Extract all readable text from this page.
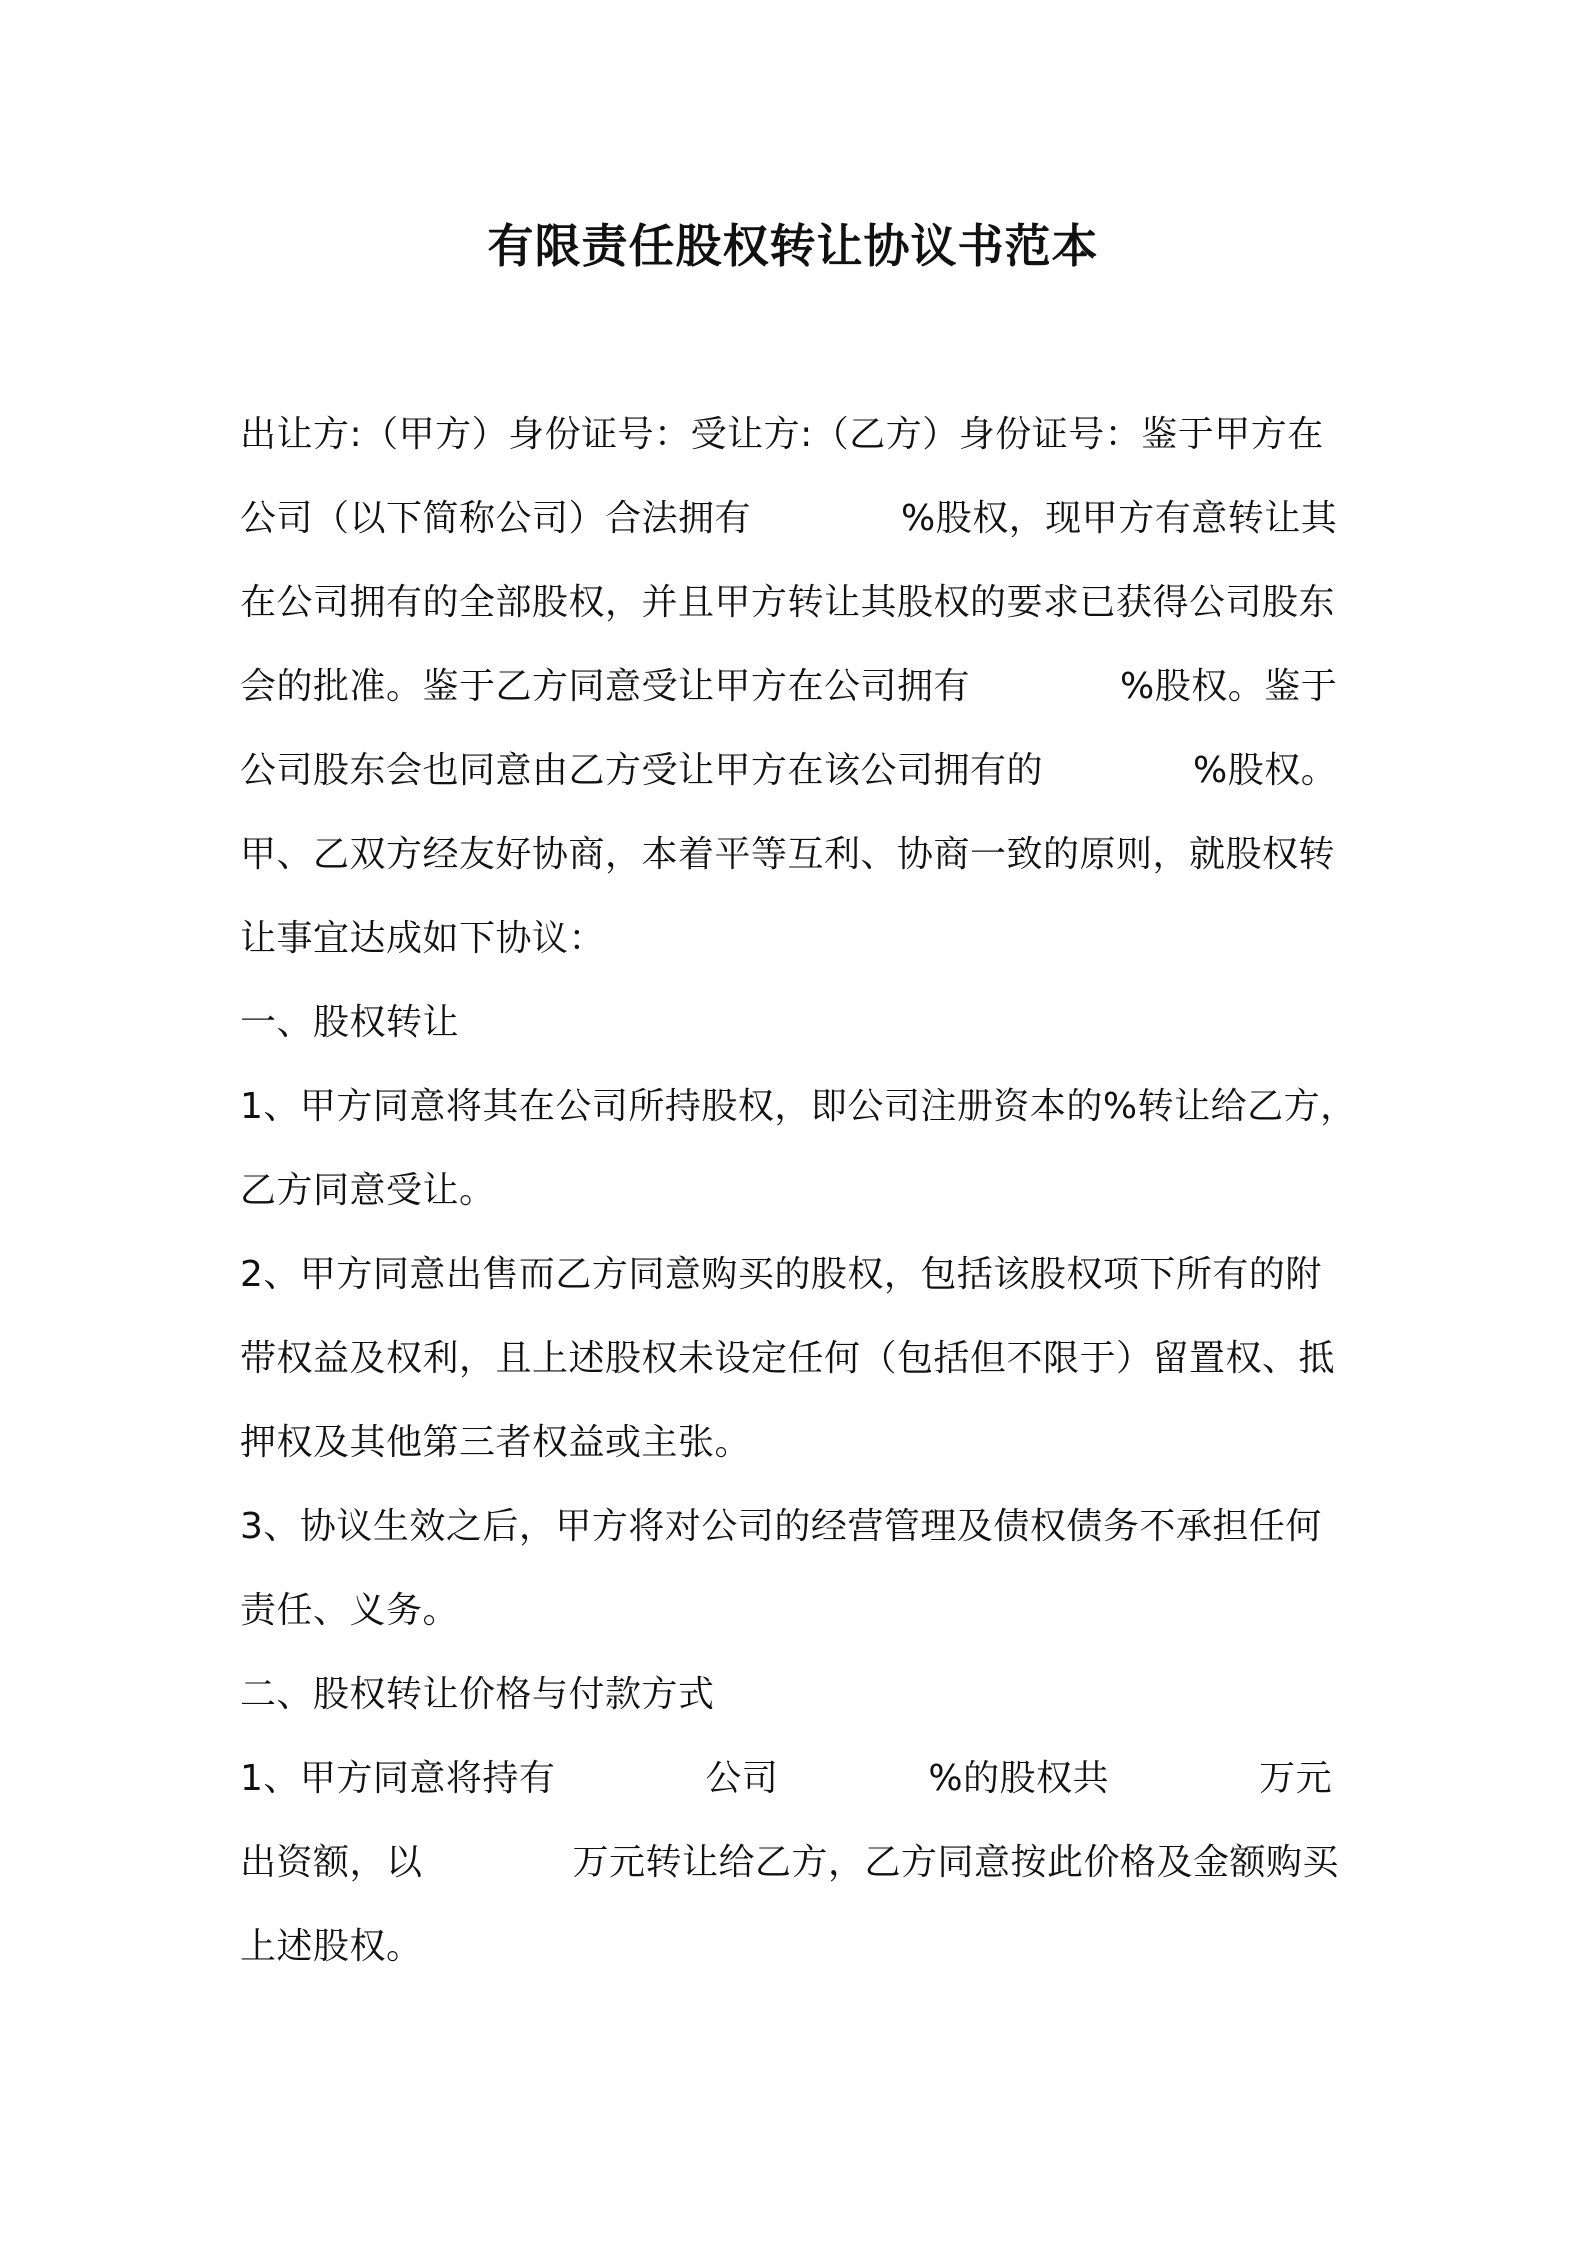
有限责任股权转让协议书范本
出让方:（甲方）身份证号：受让方:（乙方）身份证号：鉴于甲方在
公司（以下简称公司）合法拥有	%股权，现甲方有意转让其
在公司拥有的全部股权，并且甲方转让其股权的要求已获得公司股东
会的批准。鉴于乙方同意受让甲方在公司拥有	%股权。鉴于
公司股东会也同意由乙方受让甲方在该公司拥有的	%股权。
甲、乙双方经友好协商，本着平等互利、协商一致的原则，就股权转
让事宜达成如下协议：
一、股权转让
1、甲方同意将其在公司所持股权，即公司注册资本的%转让给乙方，
乙方同意受让。
2、甲方同意出售而乙方同意购买的股权，包括该股权项下所有的附
带权益及权利，且上述股权未设定任何（包括但不限于）留置权、抵
押权及其他第三者权益或主张。
3、协议生效之后，甲方将对公司的经营管理及债权债务不承担任何
责任、义务。
二、股权转让价格与付款方式
1、甲方同意将持有	公司	%的股权共	万元
出资额，以	万元转让给乙方，乙方同意按此价格及金额购买
上述股权。
